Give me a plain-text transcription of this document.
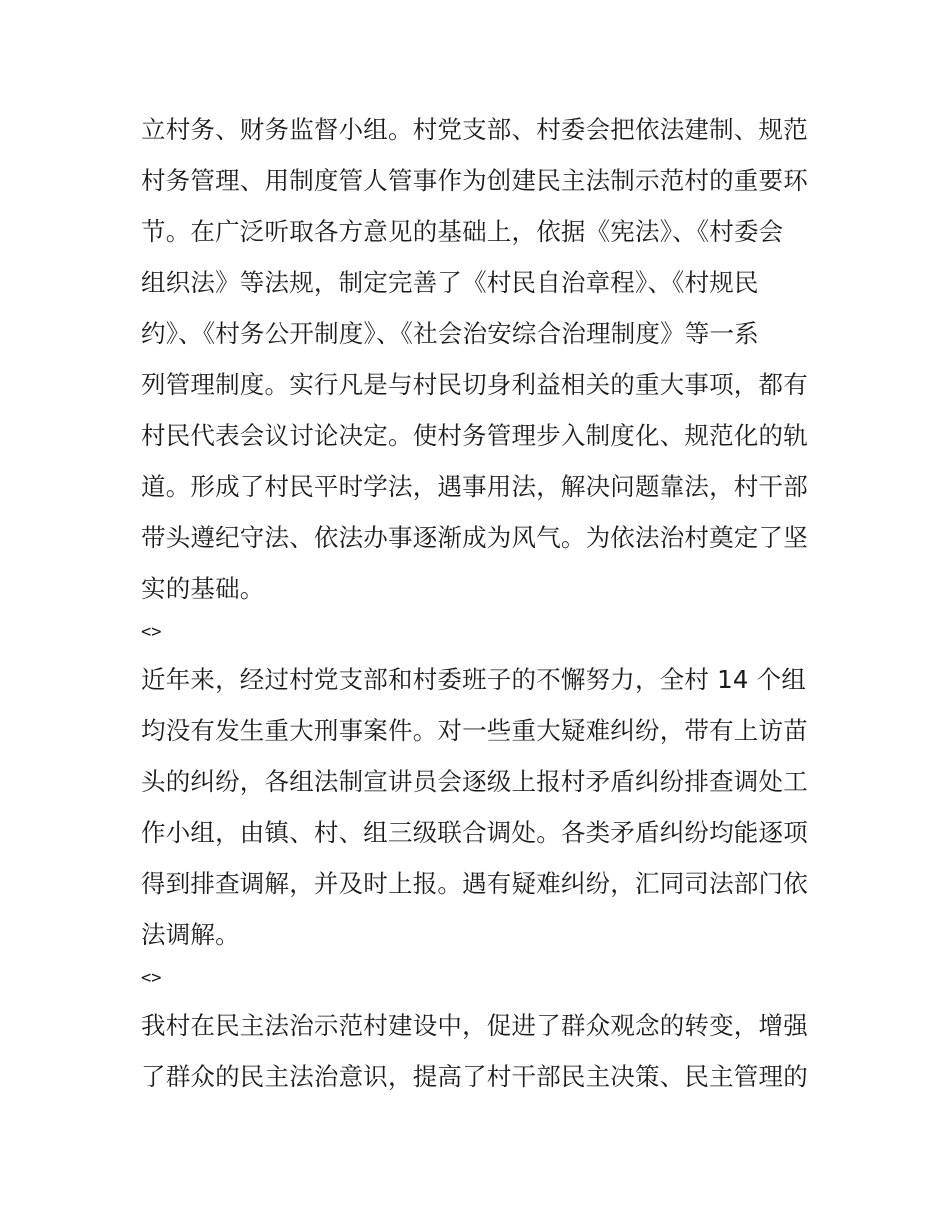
立村务、财务监督小组。村党支部、村委会把依法建制、规范
村务管理、用制度管人管事作为创建民主法制示范村的重要环
节。在广泛听取各方意见的基础上，依据《宪法》、《村委会
组织法》等法规，制定完善了《村民自治章程》、《村规民
约》、《村务公开制度》、《社会治安综合治理制度》等一系
列管理制度。实行凡是与村民切身利益相关的重大事项，都有
村民代表会议讨论决定。使村务管理步入制度化、规范化的轨
道。形成了村民平时学法，遇事用法，解决问题靠法，村干部
带头遵纪守法、依法办事逐渐成为风气。为依法治村奠定了坚
实的基础。
<>
近年来，经过村党支部和村委班子的不懈努力，全村 14 个组
均没有发生重大刑事案件。对一些重大疑难纠纷，带有上访苗
头的纠纷，各组法制宣讲员会逐级上报村矛盾纠纷排查调处工
作小组，由镇、村、组三级联合调处。各类矛盾纠纷均能逐项
得到排查调解，并及时上报。遇有疑难纠纷，汇同司法部门依
法调解。
<>
我村在民主法治示范村建设中，促进了群众观念的转变，增强
了群众的民主法治意识，提高了村干部民主决策、民主管理的
